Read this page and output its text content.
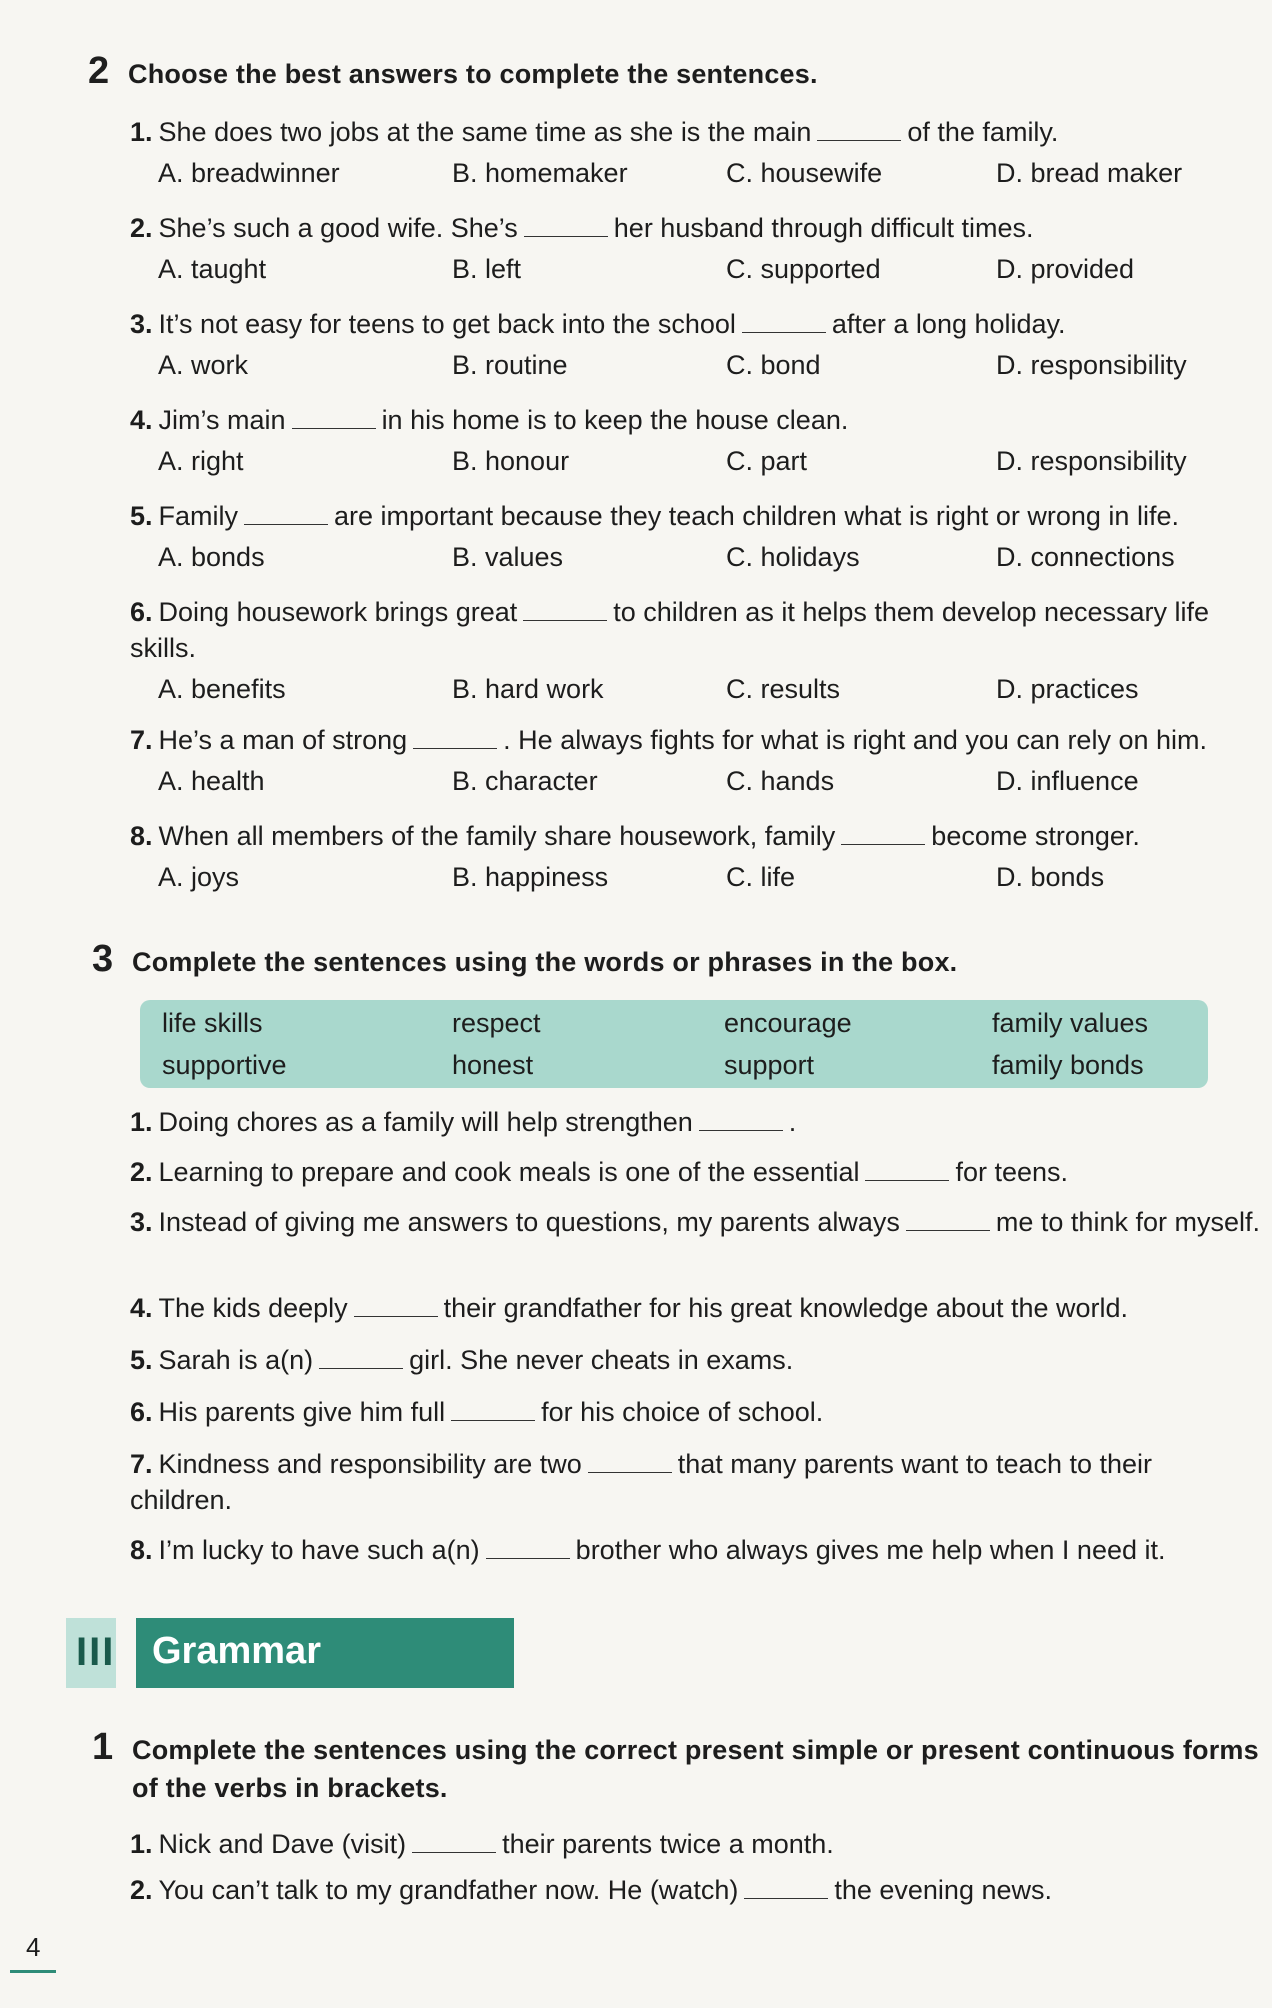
2 Choose the best answers to complete the sentences.
1. She does two jobs at the same time as she is the main	of the family.
A. breadwinner	B. homemaker	C. housewife	D. bread maker
2. She’s such a good wife. She’s	her husband through difficult times.
A. taught	B. left	C. supported	D. provided
3. It’s not easy for teens to get back into the school	after a long holiday.
A. work	B. routine	C. bond	D. responsibility
4. Jim’s main	in his home is to keep the house clean.
A. right	B. honour	C. part	D. responsibility
5. Family	are important because they teach children what is right or wrong in life.
A. bonds	B. values	C. holidays	D. connections
6. Doing housework brings great	to children as it helps them develop necessary life skills.
A. benefits	B. hard work	C. results	D. practices
7. He’s a man of strong	. He always fights for what is right and you can rely on him.
A. health	B. character	C. hands	D. influence
8. When all members of the family share housework, family	become stronger.
A. joys	B. happiness	C. life	D. bonds
3 Complete the sentences using the words or phrases in the box.
life skills	respect	encourage	family values
supportive	honest	support	family bonds
1. Doing chores as a family will help strengthen	.
2. Learning to prepare and cook meals is one of the essential	for teens.
3. Instead of giving me answers to questions, my parents always	me to think for myself.
4. The kids deeply	their grandfather for his great knowledge about the world.
5. Sarah is a(n)	girl. She never cheats in exams.
6. His parents give him full	for his choice of school.
7. Kindness and responsibility are two	that many parents want to teach to their children.
8. I’m lucky to have such a(n)	brother who always gives me help when I need it.
III Grammar
1 Complete the sentences using the correct present simple or present continuous forms of the verbs in brackets.
1. Nick and Dave (visit)	their parents twice a month.
2. You can’t talk to my grandfather now. He (watch)	the evening news.
4
